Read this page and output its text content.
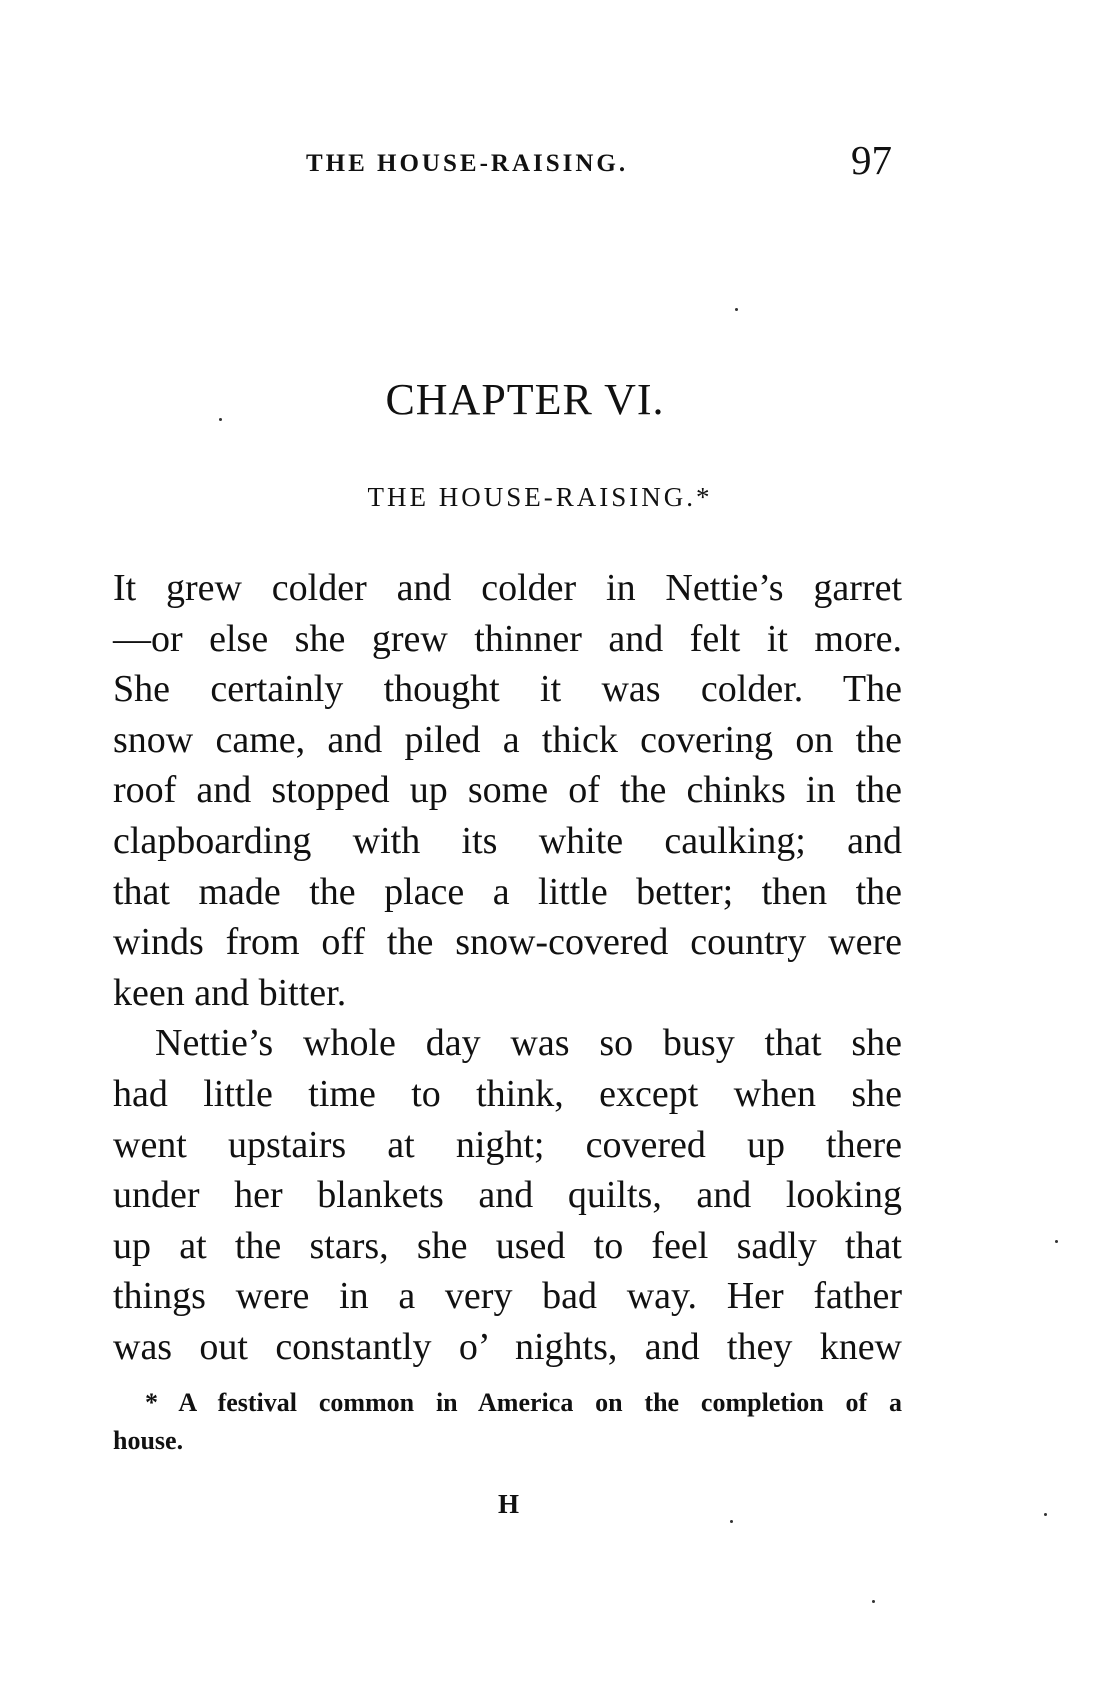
THE HOUSE-RAISING.	97
CHAPTER VI.
THE HOUSE-RAISING.*
It grew colder and colder in Nettie’s garret
—or else she grew thinner and felt it more.
She certainly thought it was colder. The
snow came, and piled a thick covering on the
roof and stopped up some of the chinks in the
clapboarding with its white caulking; and
that made the place a little better; then the
winds from off the snow-covered country were
keen and bitter.
Nettie’s whole day was so busy that she
had little time to think, except when she
went upstairs at night; covered up there
under her blankets and quilts, and looking
up at the stars, she used to feel sadly that
things were in a very bad way. Her father
was out constantly o’ nights, and they knew
* A festival common in America on the completion of a
house.
H
